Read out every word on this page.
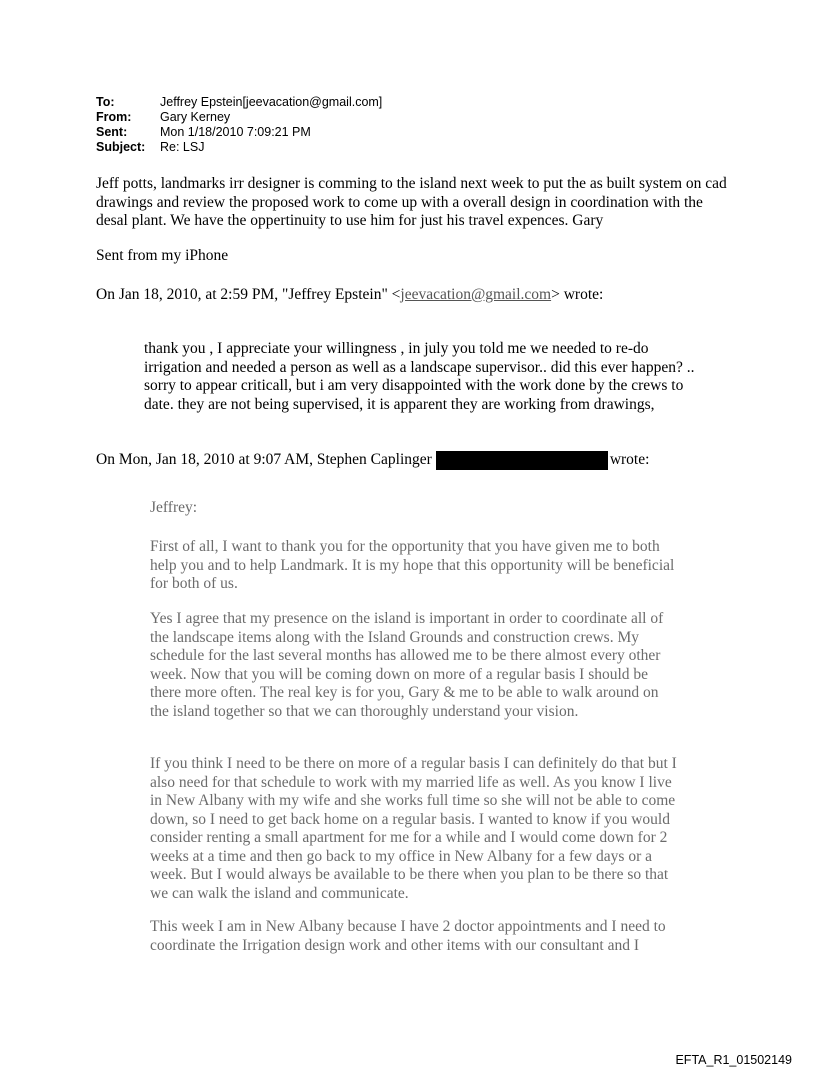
To:	Jeffrey Epstein[jeevacation@gmail.com]
From:	Gary Kerney
Sent:	Mon 1/18/2010 7:09:21 PM
Subject:	Re: LSJ

Jeff potts, landmarks irr designer is comming to the island next week to put the as built system on cad drawings and review the proposed work to come up with a overall design in coordination with the desal plant. We have the oppertinuity to use him for just his travel expences. Gary

Sent from my iPhone

On Jan 18, 2010, at 2:59 PM, "Jeffrey Epstein" <jeevacation@gmail.com> wrote:

thank you , I appreciate your willingness , in july you told me we needed to re-do irrigation and needed a person as well as a landscape supervisor.. did this ever happen? .. sorry to appear criticall, but i am very disappointed with the work done by the crews to date. they are not being supervised, it is apparent they are working from drawings,

On Mon, Jan 18, 2010 at 9:07 AM, Stephen Caplinger	wrote:

Jeffrey:

First of all, I want to thank you for the opportunity that you have given me to both help you and to help Landmark. It is my hope that this opportunity will be beneficial for both of us.

Yes I agree that my presence on the island is important in order to coordinate all of the landscape items along with the Island Grounds and construction crews. My schedule for the last several months has allowed me to be there almost every other week. Now that you will be coming down on more of a regular basis I should be there more often. The real key is for you, Gary & me to be able to walk around on the island together so that we can thoroughly understand your vision.

If you think I need to be there on more of a regular basis I can definitely do that but I also need for that schedule to work with my married life as well. As you know I live in New Albany with my wife and she works full time so she will not be able to come down, so I need to get back home on a regular basis. I wanted to know if you would consider renting a small apartment for me for a while and I would come down for 2 weeks at a time and then go back to my office in New Albany for a few days or a week. But I would always be available to be there when you plan to be there so that we can walk the island and communicate.

This week I am in New Albany because I have 2 doctor appointments and I need to coordinate the Irrigation design work and other items with our consultant and I

EFTA_R1_01502149
